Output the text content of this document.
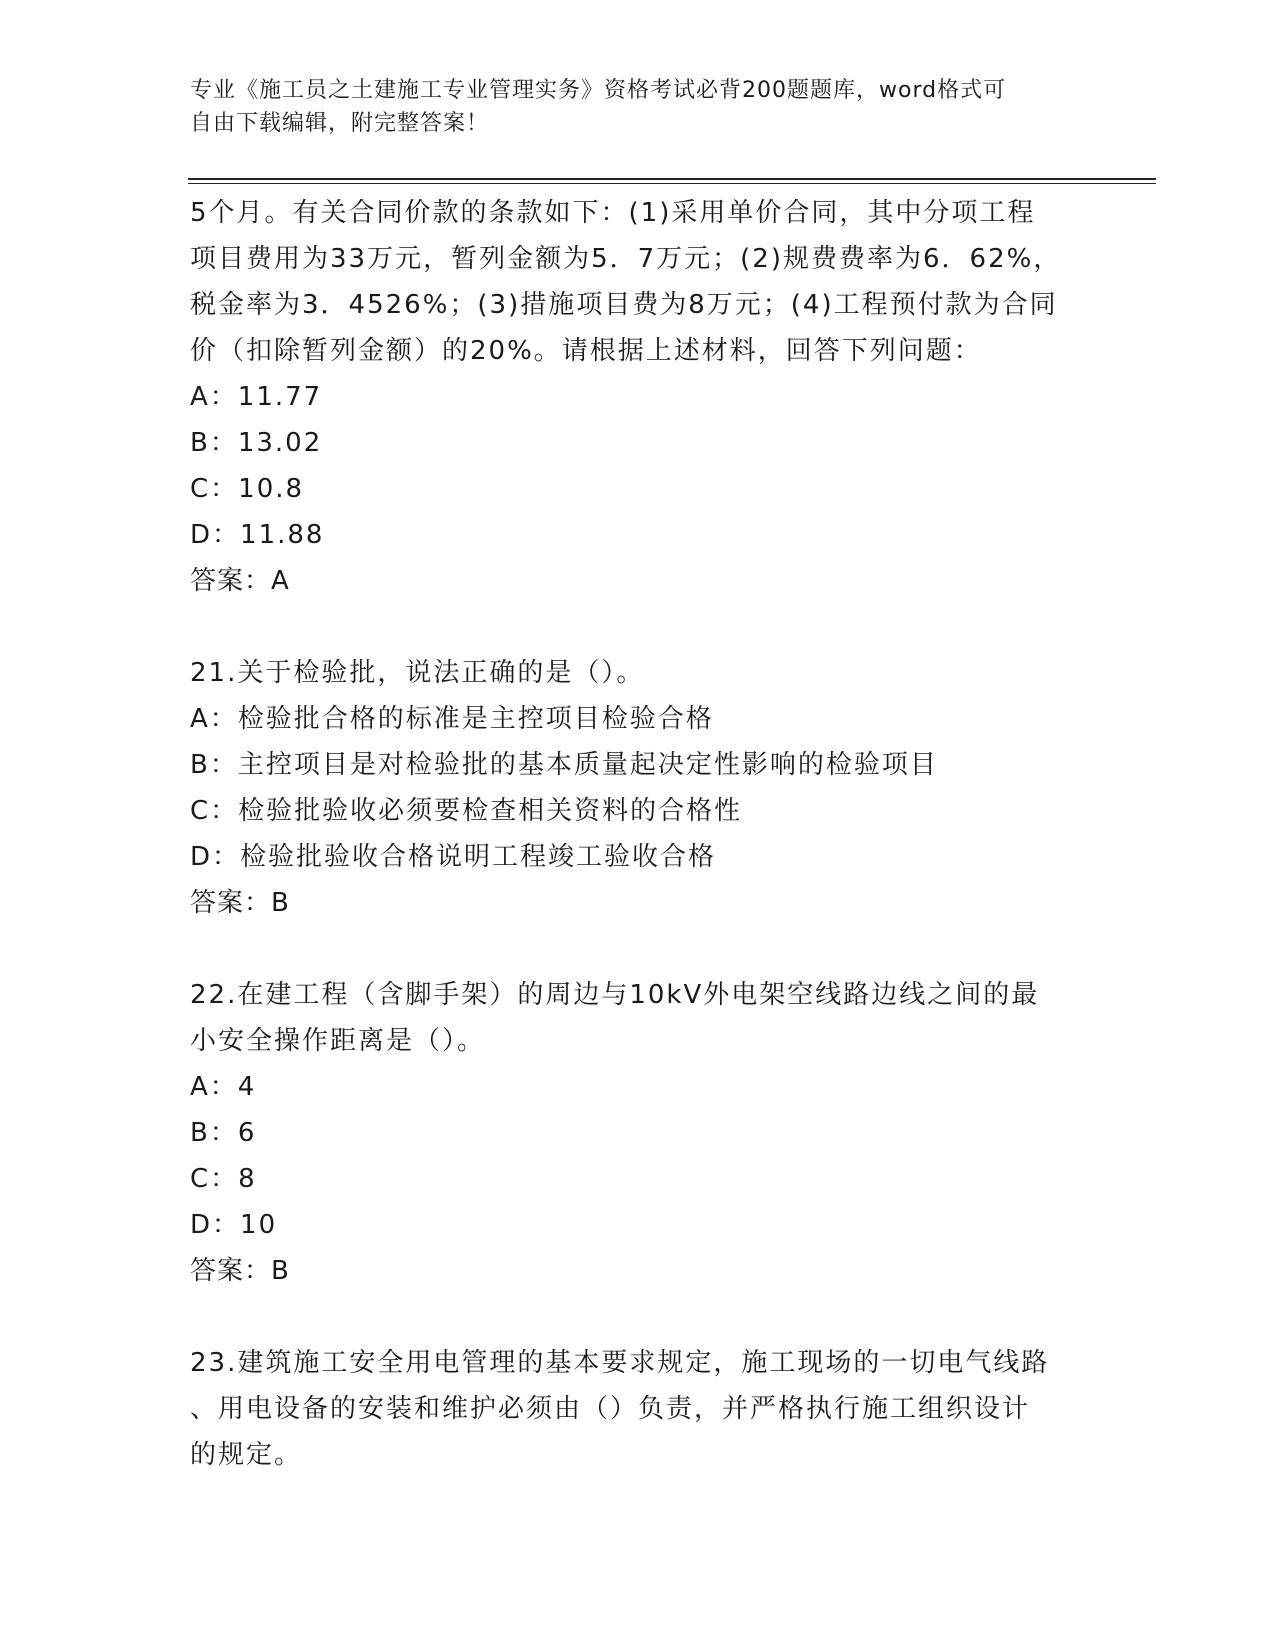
专业《施工员之土建施工专业管理实务》资格考试必背200题题库，word格式可
自由下载编辑，附完整答案！
5个月。有关合同价款的条款如下：(1)采用单价合同，其中分项工程
项目费用为33万元，暂列金额为5．7万元；(2)规费费率为6．62%，
税金率为3．4526%；(3)措施项目费为8万元；(4)工程预付款为合同
价（扣除暂列金额）的20%。请根据上述材料，回答下列问题：
A：11.77
B：13.02
C：10.8
D：11.88
答案：A
21.关于检验批，说法正确的是（）。
A：检验批合格的标准是主控项目检验合格
B：主控项目是对检验批的基本质量起决定性影响的检验项目
C：检验批验收必须要检查相关资料的合格性
D：检验批验收合格说明工程竣工验收合格
答案：B
22.在建工程（含脚手架）的周边与10kV外电架空线路边线之间的最
小安全操作距离是（）。
A：4
B：6
C：8
D：10
答案：B
23.建筑施工安全用电管理的基本要求规定，施工现场的一切电气线路
、用电设备的安装和维护必须由（）负责，并严格执行施工组织设计
的规定。
